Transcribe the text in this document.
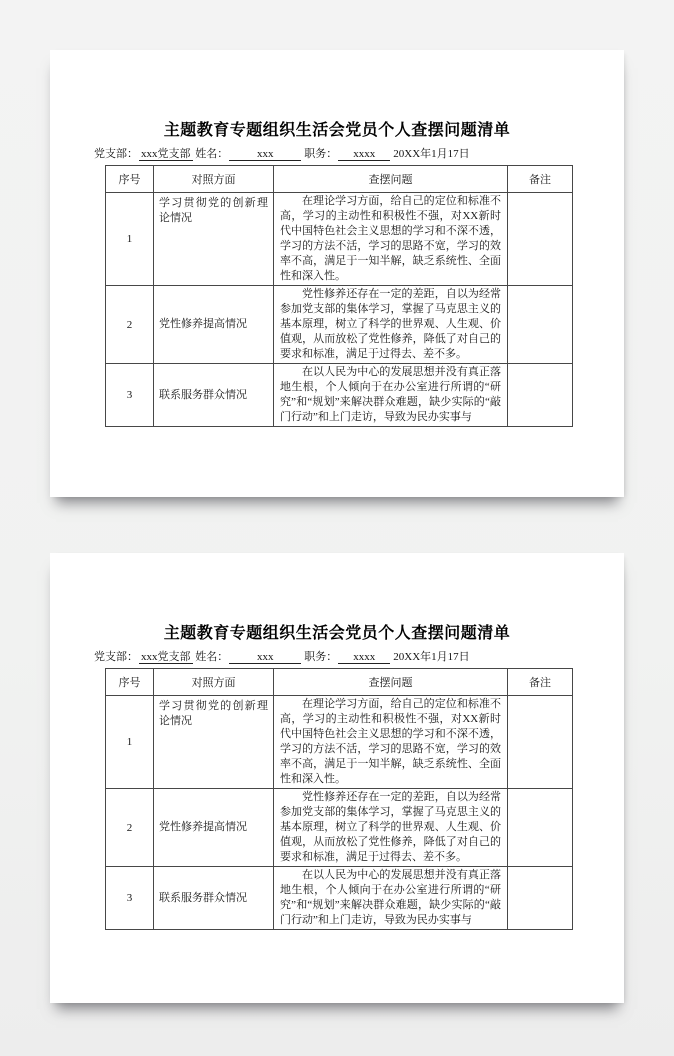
主题教育专题组织生活会党员个人查摆问题清单
党支部： xxx党支部 姓名：	xxx	职务： xxxx 20XX年1月17日
序号	对照方面	查摆问题	备注
1	学习贯彻党的创新理论情况	在理论学习方面，给自己的定位和标准不高，学习的主动性和积极性不强，对XX新时代中国特色社会主义思想的学习和不深不透，学习的方法不活，学习的思路不宽，学习的效率不高，满足于一知半解，缺乏系统性、全面性和深入性。	

2	党性修养提高情况	党性修养还存在一定的差距，自以为经常参加党支部的集体学习，掌握了马克思主义的基本原理，树立了科学的世界观、人生观、价值观，从而放松了党性修养，降低了对自己的要求和标准，满足于过得去、差不多。	

3	联系服务群众情况	在以人民为中心的发展思想并没有真正落地生根，个人倾向于在办公室进行所谓的“研究”和“规划”来解决群众难题，缺少实际的“敲门行动”和上门走访，导致为民办实事与	

主题教育专题组织生活会党员个人查摆问题清单
党支部： xxx党支部 姓名：	xxx	职务： xxxx 20XX年1月17日
序号	对照方面	查摆问题	备注
1	学习贯彻党的创新理论情况	在理论学习方面，给自己的定位和标准不高，学习的主动性和积极性不强，对XX新时代中国特色社会主义思想的学习和不深不透，学习的方法不活，学习的思路不宽，学习的效率不高，满足于一知半解，缺乏系统性、全面性和深入性。	

2	党性修养提高情况	党性修养还存在一定的差距，自以为经常参加党支部的集体学习，掌握了马克思主义的基本原理，树立了科学的世界观、人生观、价值观，从而放松了党性修养，降低了对自己的要求和标准，满足于过得去、差不多。	

3	联系服务群众情况	在以人民为中心的发展思想并没有真正落地生根，个人倾向于在办公室进行所谓的“研究”和“规划”来解决群众难题，缺少实际的“敲门行动”和上门走访，导致为民办实事与	
